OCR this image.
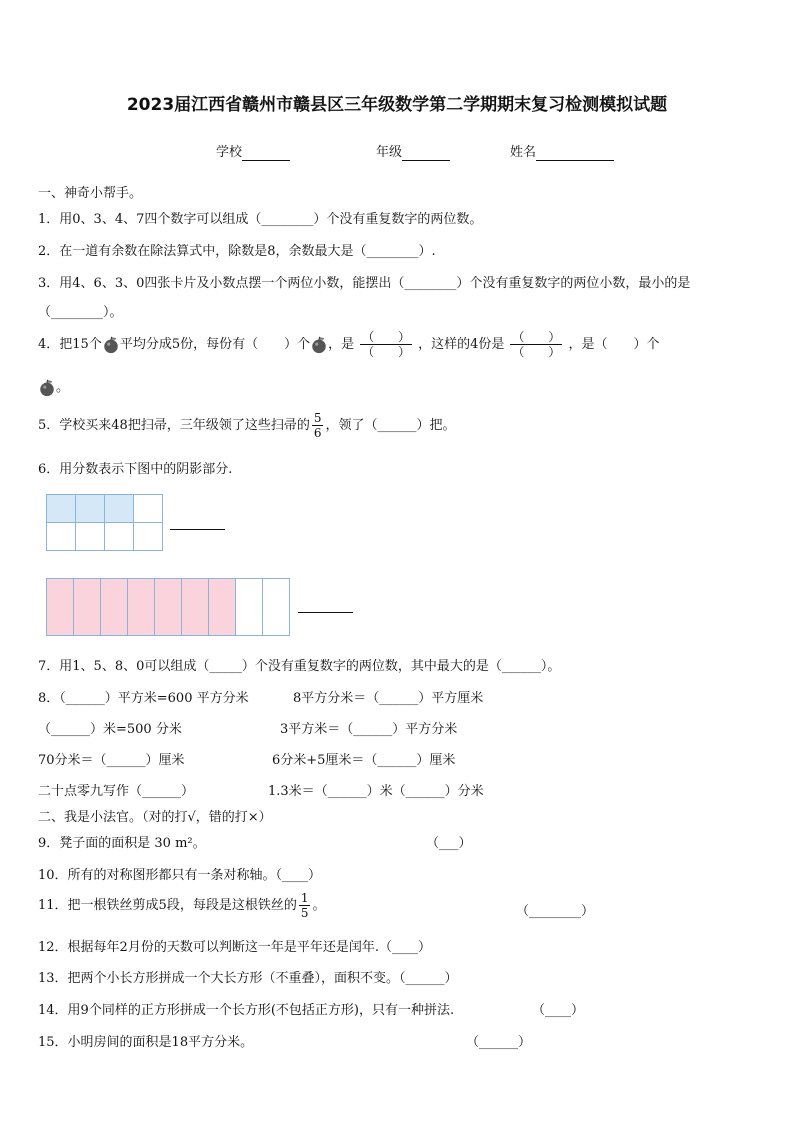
2023届江西省赣州市赣县区三年级数学第二学期期末复习检测模拟试题
学校	年级	姓名
一、神奇小帮手。
1．用0、3、4、7四个数字可以组成（________）个没有重复数字的两位数。
2．在一道有余数在除法算式中，除数是8，余数最大是（________）.
3．用4、6、3、0四张卡片及小数点摆一个两位小数，能摆出（________）个没有重复数字的两位小数，最小的是
（________）。
4．把15个 平均分成5份，每份有（　　）个 ，是 $\frac{( )}{( )}$ ，这样的4份是 $\frac{( )}{( )}$ ，是（　　）个
。
5．学校买来48把扫帚，三年级领了这些扫帚的 $\frac{5}{6}$ ，领了（______）把。
6．用分数表示下图中的阴影部分.

7．用1、5、8、0可以组成（_____）个没有重复数字的两位数，其中最大的是（______）。
8．（______）平方米=600 平方分米	8平方分米＝（______）平方厘米
（______）米=500 分米	3平方米＝（______）平方分米
70分米＝（______）厘米	6分米+5厘米＝（______）厘米
二十点零九写作（______）	1.3米＝（______）米（______）分米
二、我是小法官。（对的打√，错的打×）
9．凳子面的面积是 30 m²。	（___）
10．所有的对称图形都只有一条对称轴。（____）
11．把一根铁丝剪成5段，每段是这根铁丝的 $\frac{1}{5}$ 。	（________）
12．根据每年2月份的天数可以判断这一年是平年还是闰年.（____）
13．把两个小长方形拼成一个大长方形（不重叠），面积不变。（______）
14．用9个同样的正方形拼成一个长方形(不包括正方形)，只有一种拼法.	（____）
15．小明房间的面积是18平方分米。	（______）
